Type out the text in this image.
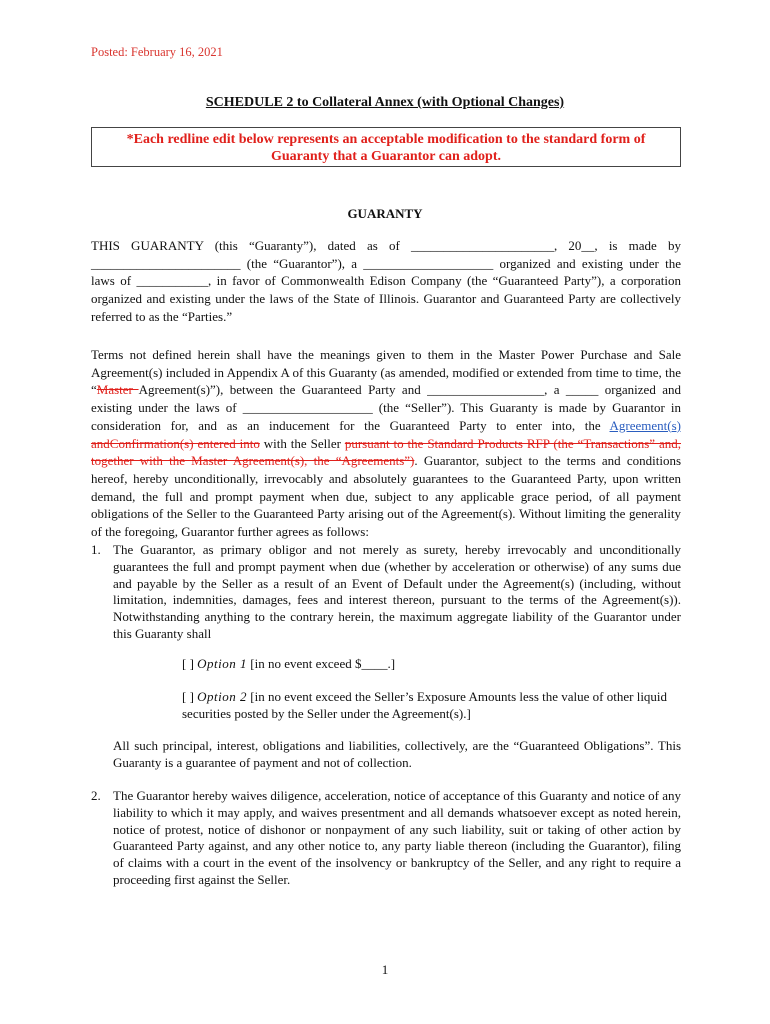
Posted: February 16, 2021
SCHEDULE 2 to Collateral Annex (with Optional Changes)
*Each redline edit below represents an acceptable modification to the standard form of Guaranty that a Guarantor can adopt.
GUARANTY
THIS GUARANTY (this “Guaranty”), dated as of ______________________, 20__, is made by _______________________ (the “Guarantor”), a ____________________ organized and existing under the laws of ___________, in favor of Commonwealth Edison Company (the “Guaranteed Party”), a corporation organized and existing under the laws of the State of Illinois. Guarantor and Guaranteed Party are collectively referred to as the “Parties.”
Terms not defined herein shall have the meanings given to them in the Master Power Purchase and Sale Agreement(s) included in Appendix A of this Guaranty (as amended, modified or extended from time to time, the “Master Agreement(s)”), between the Guaranteed Party and __________________, a _____ organized and existing under the laws of ____________________ (the “Seller”). This Guaranty is made by Guarantor in consideration for, and as an inducement for the Guaranteed Party to enter into, the Agreement(s) andConfirmation(s) entered into with the Seller pursuant to the Standard Products RFP (the “Transactions” and, together with the Master Agreement(s), the “Agreements”). Guarantor, subject to the terms and conditions hereof, hereby unconditionally, irrevocably and absolutely guarantees to the Guaranteed Party, upon written demand, the full and prompt payment when due, subject to any applicable grace period, of all payment obligations of the Seller to the Guaranteed Party arising out of the Agreement(s). Without limiting the generality of the foregoing, Guarantor further agrees as follows:
1. The Guarantor, as primary obligor and not merely as surety, hereby irrevocably and unconditionally guarantees the full and prompt payment when due (whether by acceleration or otherwise) of any sums due and payable by the Seller as a result of an Event of Default under the Agreement(s) (including, without limitation, indemnities, damages, fees and interest thereon, pursuant to the terms of the Agreement(s)). Notwithstanding anything to the contrary herein, the maximum aggregate liability of the Guarantor under this Guaranty shall
[ ] Option 1 [in no event exceed $____.]
[ ] Option 2 [in no event exceed the Seller’s Exposure Amounts less the value of other liquid securities posted by the Seller under the Agreement(s).]
All such principal, interest, obligations and liabilities, collectively, are the “Guaranteed Obligations”. This Guaranty is a guarantee of payment and not of collection.
2. The Guarantor hereby waives diligence, acceleration, notice of acceptance of this Guaranty and notice of any liability to which it may apply, and waives presentment and all demands whatsoever except as noted herein, notice of protest, notice of dishonor or nonpayment of any such liability, suit or taking of other action by Guaranteed Party against, and any other notice to, any party liable thereon (including the Guarantor), filing of claims with a court in the event of the insolvency or bankruptcy of the Seller, and any right to require a proceeding first against the Seller.
1
